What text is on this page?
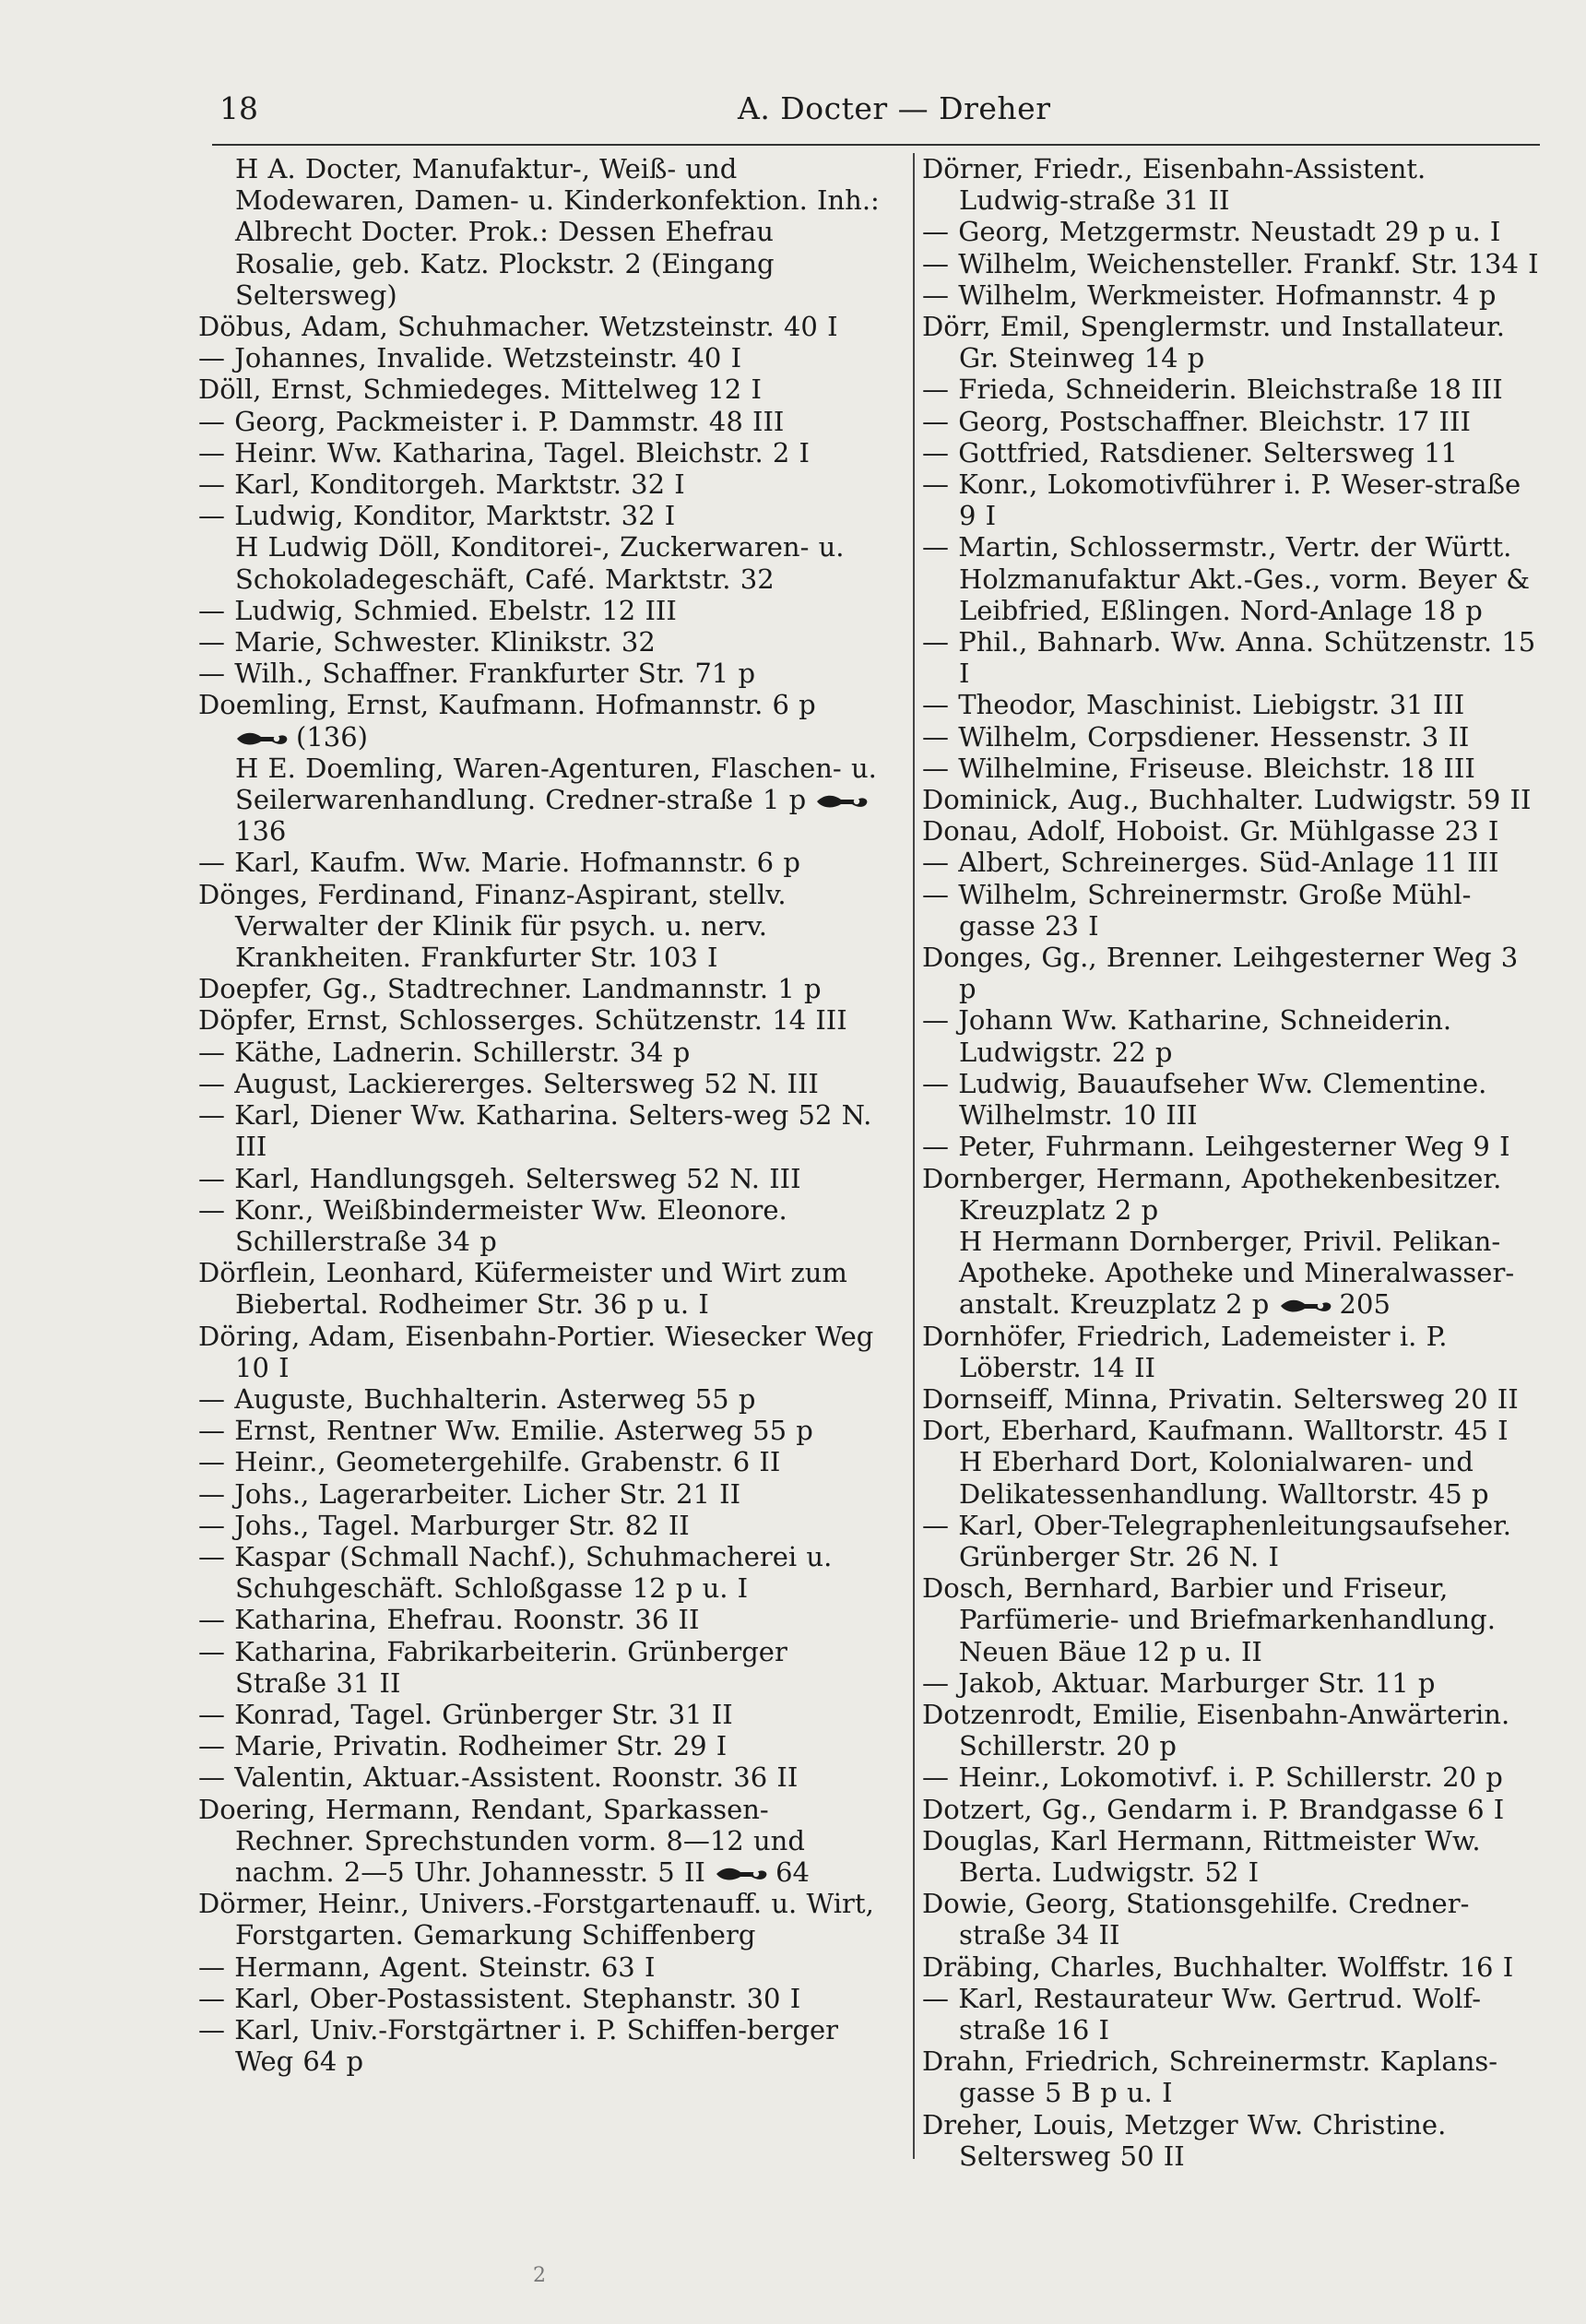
18	A. Docter — Dreher

H A. Docter, Manufaktur-, Weiß- und Modewaren, Damen- u. Kinderkonfektion. Inh.: Albrecht Docter. Prok.: Dessen Ehefrau Rosalie, geb. Katz. Plockstr. 2 (Eingang Seltersweg)

Döbus, Adam, Schuhmacher. Wetzsteinstr. 40 I

— Johannes, Invalide. Wetzsteinstr. 40 I

Döll, Ernst, Schmiedeges. Mittelweg 12 I

— Georg, Packmeister i. P. Dammstr. 48 III

— Heinr. Ww. Katharina, Tagel. Bleichstr. 2 I

— Karl, Konditorgeh. Marktstr. 32 I

— Ludwig, Konditor, Marktstr. 32 I

H Ludwig Döll, Konditorei-, Zuckerwaren- u. Schokoladegeschäft, Café. Marktstr. 32

— Ludwig, Schmied. Ebelstr. 12 III

— Marie, Schwester. Klinikstr. 32

— Wilh., Schaffner. Frankfurter Str. 71 p

Doemling, Ernst, Kaufmann. Hofmannstr. 6 p (136)

H E. Doemling, Waren-Agenturen, Flaschen- u. Seilerwarenhandlung. Credner-straße 1 p 136

— Karl, Kaufm. Ww. Marie. Hofmannstr. 6 p

Dönges, Ferdinand, Finanz-Aspirant, stellv. Verwalter der Klinik für psych. u. nerv. Krankheiten. Frankfurter Str. 103 I

Doepfer, Gg., Stadtrechner. Landmannstr. 1 p

Döpfer, Ernst, Schlosserges. Schützenstr. 14 III

— Käthe, Ladnerin. Schillerstr. 34 p

— August, Lackiererges. Seltersweg 52 N. III

— Karl, Diener Ww. Katharina. Selters-weg 52 N. III

— Karl, Handlungsgeh. Seltersweg 52 N. III

— Konr., Weißbindermeister Ww. Eleonore. Schillerstraße 34 p

Dörflein, Leonhard, Küfermeister und Wirt zum Biebertal. Rodheimer Str. 36 p u. I

Döring, Adam, Eisenbahn-Portier. Wiesecker Weg 10 I

— Auguste, Buchhalterin. Asterweg 55 p

— Ernst, Rentner Ww. Emilie. Asterweg 55 p

— Heinr., Geometergehilfe. Grabenstr. 6 II

— Johs., Lagerarbeiter. Licher Str. 21 II

— Johs., Tagel. Marburger Str. 82 II

— Kaspar (Schmall Nachf.), Schuhmacherei u. Schuhgeschäft. Schloßgasse 12 p u. I

— Katharina, Ehefrau. Roonstr. 36 II

— Katharina, Fabrikarbeiterin. Grünberger Straße 31 II

— Konrad, Tagel. Grünberger Str. 31 II

— Marie, Privatin. Rodheimer Str. 29 I

— Valentin, Aktuar.-Assistent. Roonstr. 36 II

Doering, Hermann, Rendant, Sparkassen-Rechner. Sprechstunden vorm. 8—12 und nachm. 2—5 Uhr. Johannesstr. 5 II	64

Dörmer, Heinr., Univers.-Forstgartenauff. u. Wirt, Forstgarten. Gemarkung Schiffenberg

— Hermann, Agent. Steinstr. 63 I

— Karl, Ober-Postassistent. Stephanstr. 30 I

— Karl, Univ.-Forstgärtner i. P. Schiffen-berger Weg 64 p

Dörner, Friedr., Eisenbahn-Assistent. Ludwig-straße 31 II

— Georg, Metzgermstr. Neustadt 29 p u. I

— Wilhelm, Weichensteller. Frankf. Str. 134 I

— Wilhelm, Werkmeister. Hofmannstr. 4 p

Dörr, Emil, Spenglermstr. und Installateur. Gr. Steinweg 14 p

— Frieda, Schneiderin. Bleichstraße 18 III

— Georg, Postschaffner. Bleichstr. 17 III

— Gottfried, Ratsdiener. Seltersweg 11

— Konr., Lokomotivführer i. P. Weser-straße 9 I

— Martin, Schlossermstr., Vertr. der Württ. Holzmanufaktur Akt.-Ges., vorm. Beyer & Leibfried, Eßlingen. Nord-Anlage 18 p

— Phil., Bahnarb. Ww. Anna. Schützenstr. 15 I

— Theodor, Maschinist. Liebigstr. 31 III

— Wilhelm, Corpsdiener. Hessenstr. 3 II

— Wilhelmine, Friseuse. Bleichstr. 18 III

Dominick, Aug., Buchhalter. Ludwigstr. 59 II

Donau, Adolf, Hoboist. Gr. Mühlgasse 23 I

— Albert, Schreinerges. Süd-Anlage 11 III

— Wilhelm, Schreinermstr. Große Mühl-gasse 23 I

Donges, Gg., Brenner. Leihgesterner Weg 3 p

— Johann Ww. Katharine, Schneiderin. Ludwigstr. 22 p

— Ludwig, Bauaufseher Ww. Clementine. Wilhelmstr. 10 III

— Peter, Fuhrmann. Leihgesterner Weg 9 I

Dornberger, Hermann, Apothekenbesitzer. Kreuzplatz 2 p

H Hermann Dornberger, Privil. Pelikan-Apotheke. Apotheke und Mineralwasser-anstalt. Kreuzplatz 2 p	205

Dornhöfer, Friedrich, Lademeister i. P. Löberstr. 14 II

Dornseiff, Minna, Privatin. Seltersweg 20 II

Dort, Eberhard, Kaufmann. Walltorstr. 45 I

H Eberhard Dort, Kolonialwaren- und Delikatessenhandlung. Walltorstr. 45 p

— Karl, Ober-Telegraphenleitungsaufseher. Grünberger Str. 26 N. I

Dosch, Bernhard, Barbier und Friseur, Parfümerie- und Briefmarkenhandlung. Neuen Bäue 12 p u. II

— Jakob, Aktuar. Marburger Str. 11 p

Dotzenrodt, Emilie, Eisenbahn-Anwärterin. Schillerstr. 20 p

— Heinr., Lokomotivf. i. P. Schillerstr. 20 p

Dotzert, Gg., Gendarm i. P. Brandgasse 6 I

Douglas, Karl Hermann, Rittmeister Ww. Berta. Ludwigstr. 52 I

Dowie, Georg, Stationsgehilfe. Credner-straße 34 II

Dräbing, Charles, Buchhalter. Wolffstr. 16 I

— Karl, Restaurateur Ww. Gertrud. Wolf-straße 16 I

Drahn, Friedrich, Schreinermstr. Kaplans-gasse 5 B p u. I

Dreher, Louis, Metzger Ww. Christine. Seltersweg 50 II

2
